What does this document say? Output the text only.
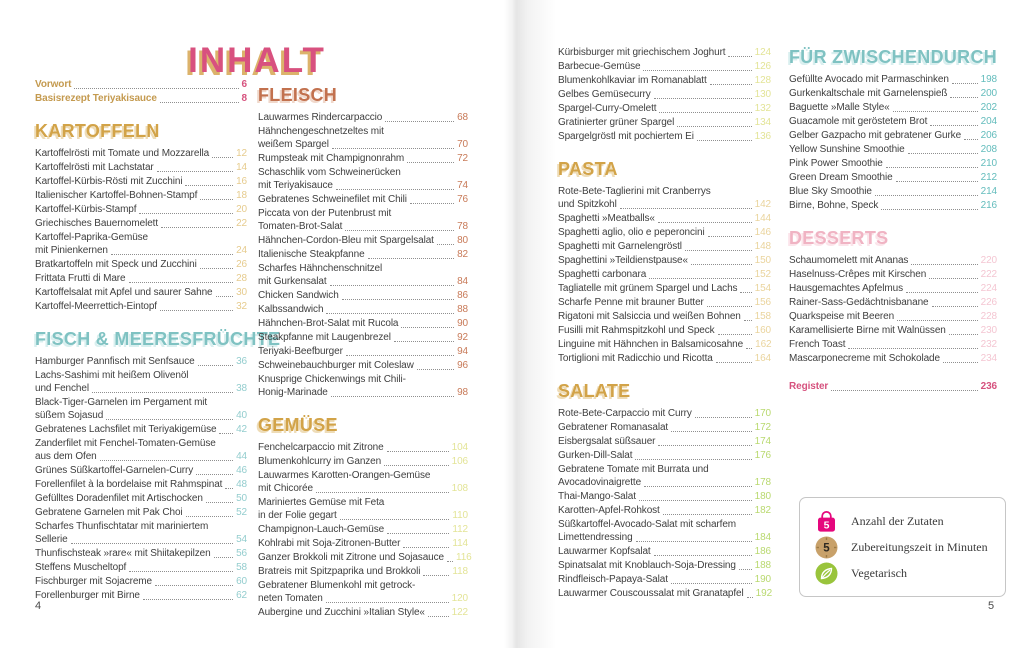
INHALT
Vorwort	6
Basisrezept Teriyakisauce	8
KARTOFFELN
Kartoffelrösti mit Tomate und Mozzarella	12
Kartoffelrösti mit Lachstatar	14
Kartoffel-Kürbis-Rösti mit Zucchini	16
Italienischer Kartoffel-Bohnen-Stampf	18
Kartoffel-Kürbis-Stampf	20
Griechisches Bauernomelett	22
Kartoffel-Paprika-Gemüse
mit Pinienkernen	24
Bratkartoffeln mit Speck und Zucchini	26
Frittata Frutti di Mare	28
Kartoffelsalat mit Apfel und saurer Sahne 30
Kartoffel-Meerrettich-Eintopf	32
FISCH & MEERESFRÜCHTE
Hamburger Pannfisch mit Senfsauce	36
Lachs-Sashimi mit heißem Olivenöl
und Fenchel	38
Black-Tiger-Garnelen im Pergament mit
süßem Sojasud	40
Gebratenes Lachsfilet mit Teriyakigemüse 42
Zanderfilet mit Fenchel-Tomaten-Gemüse
aus dem Ofen	44
Grünes Süßkartoffel-Garnelen-Curry	46
Forellenfilet à la bordelaise mit Rahmspinat 48
Gefülltes Doradenfilet mit Artischocken	50
Gebratene Garnelen mit Pak Choi	52
Scharfes Thunfischtatar mit mariniertem
Sellerie	54
Thunfischsteak »rare« mit Shiitakepilzen	56
Steffens Muscheltopf	58
Fischburger mit Sojacreme	60
Forellenburger mit Birne	62
FLEISCH
Lauwarmes Rindercarpaccio	68
Hähnchengeschnetzeltes mit
weißem Spargel	70
Rumpsteak mit Champignonrahm	72
Schaschlik vom Schweinerücken
mit Teriyakisauce	74
Gebratenes Schweinefilet mit Chili	76
Piccata von der Putenbrust mit
Tomaten-Brot-Salat	78
Hähnchen-Cordon-Bleu mit Spargelsalat 80
Italienische Steakpfanne	82
Scharfes Hähnchenschnitzel
mit Gurkensalat	84
Chicken Sandwich	86
Kalbssandwich	88
Hähnchen-Brot-Salat mit Rucola	90
Steakpfanne mit Laugenbrezel	92
Teriyaki-Beefburger	94
Schweinebauchburger mit Coleslaw	96
Knusprige Chickenwings mit Chili-
Honig-Marinade	98
GEMÜSE
Fenchelcarpaccio mit Zitrone	104
Blumenkohlcurry im Ganzen	106
Lauwarmes Karotten-Orangen-Gemüse
mit Chicorée	108
Mariniertes Gemüse mit Feta
in der Folie gegart	110
Champignon-Lauch-Gemüse	112
Kohlrabi mit Soja-Zitronen-Butter	114
Ganzer Brokkoli mit Zitrone und Sojasauce 116
Bratreis mit Spitzpaprika und Brokkoli	118
Gebratener Blumenkohl mit getrock-
neten Tomaten	120
Aubergine und Zucchini »Italian Style«	122
Kürbisburger mit griechischem Joghurt	124
Barbecue-Gemüse	126
Blumenkohlkaviar im Romanablatt	128
Gelbes Gemüsecurry	130
Spargel-Curry-Omelett	132
Gratinierter grüner Spargel	134
Spargelgröstl mit pochiertem Ei	136
PASTA
Rote-Bete-Taglierini mit Cranberrys
und Spitzkohl	142
Spaghetti »Meatballs«	144
Spaghetti aglio, olio e peperoncini	146
Spaghetti mit Garnelengröstl	148
Spaghettini »Teildienstpause«	150
Spaghetti carbonara	152
Tagliatelle mit grünem Spargel und Lachs 154
Scharfe Penne mit brauner Butter	156
Rigatoni mit Salsiccia und weißen Bohnen 158
Fusilli mit Rahmspitzkohl und Speck	160
Linguine mit Hähnchen in Balsamicosahne 162
Tortiglioni mit Radicchio und Ricotta	164
SALATE
Rote-Bete-Carpaccio mit Curry	170
Gebratener Romanasalat	172
Eisbergsalat süßsauer	174
Gurken-Dill-Salat	176
Gebratene Tomate mit Burrata und
Avocadovinaigrette	178
Thai-Mango-Salat	180
Karotten-Apfel-Rohkost	182
Süßkartoffel-Avocado-Salat mit scharfem
Limettendressing	184
Lauwarmer Kopfsalat	186
Spinatsalat mit Knoblauch-Soja-Dressing 188
Rindfleisch-Papaya-Salat	190
Lauwarmer Couscoussalat mit Granatapfel 192
FÜR ZWISCHENDURCH
Gefüllte Avocado mit Parmaschinken	198
Gurkenkaltschale mit Garnelenspieß	200
Baguette »Malle Style«	202
Guacamole mit geröstetem Brot	204
Gelber Gazpacho mit gebratener Gurke 206
Yellow Sunshine Smoothie	208
Pink Power Smoothie	210
Green Dream Smoothie	212
Blue Sky Smoothie	214
Birne, Bohne, Speck	216
DESSERTS
Schaumomelett mit Ananas	220
Haselnuss-Crêpes mit Kirschen	222
Hausgemachtes Apfelmus	224
Rainer-Sass-Gedächtnisbanane	226
Quarkspeise mit Beeren	228
Karamellisierte Birne mit Walnüssen	230
French Toast	232
Mascarponecreme mit Schokolade	234
Register	236
5 Anzahl der Zutaten
5 Zubereitungszeit in Minuten
Vegetarisch
4	5
